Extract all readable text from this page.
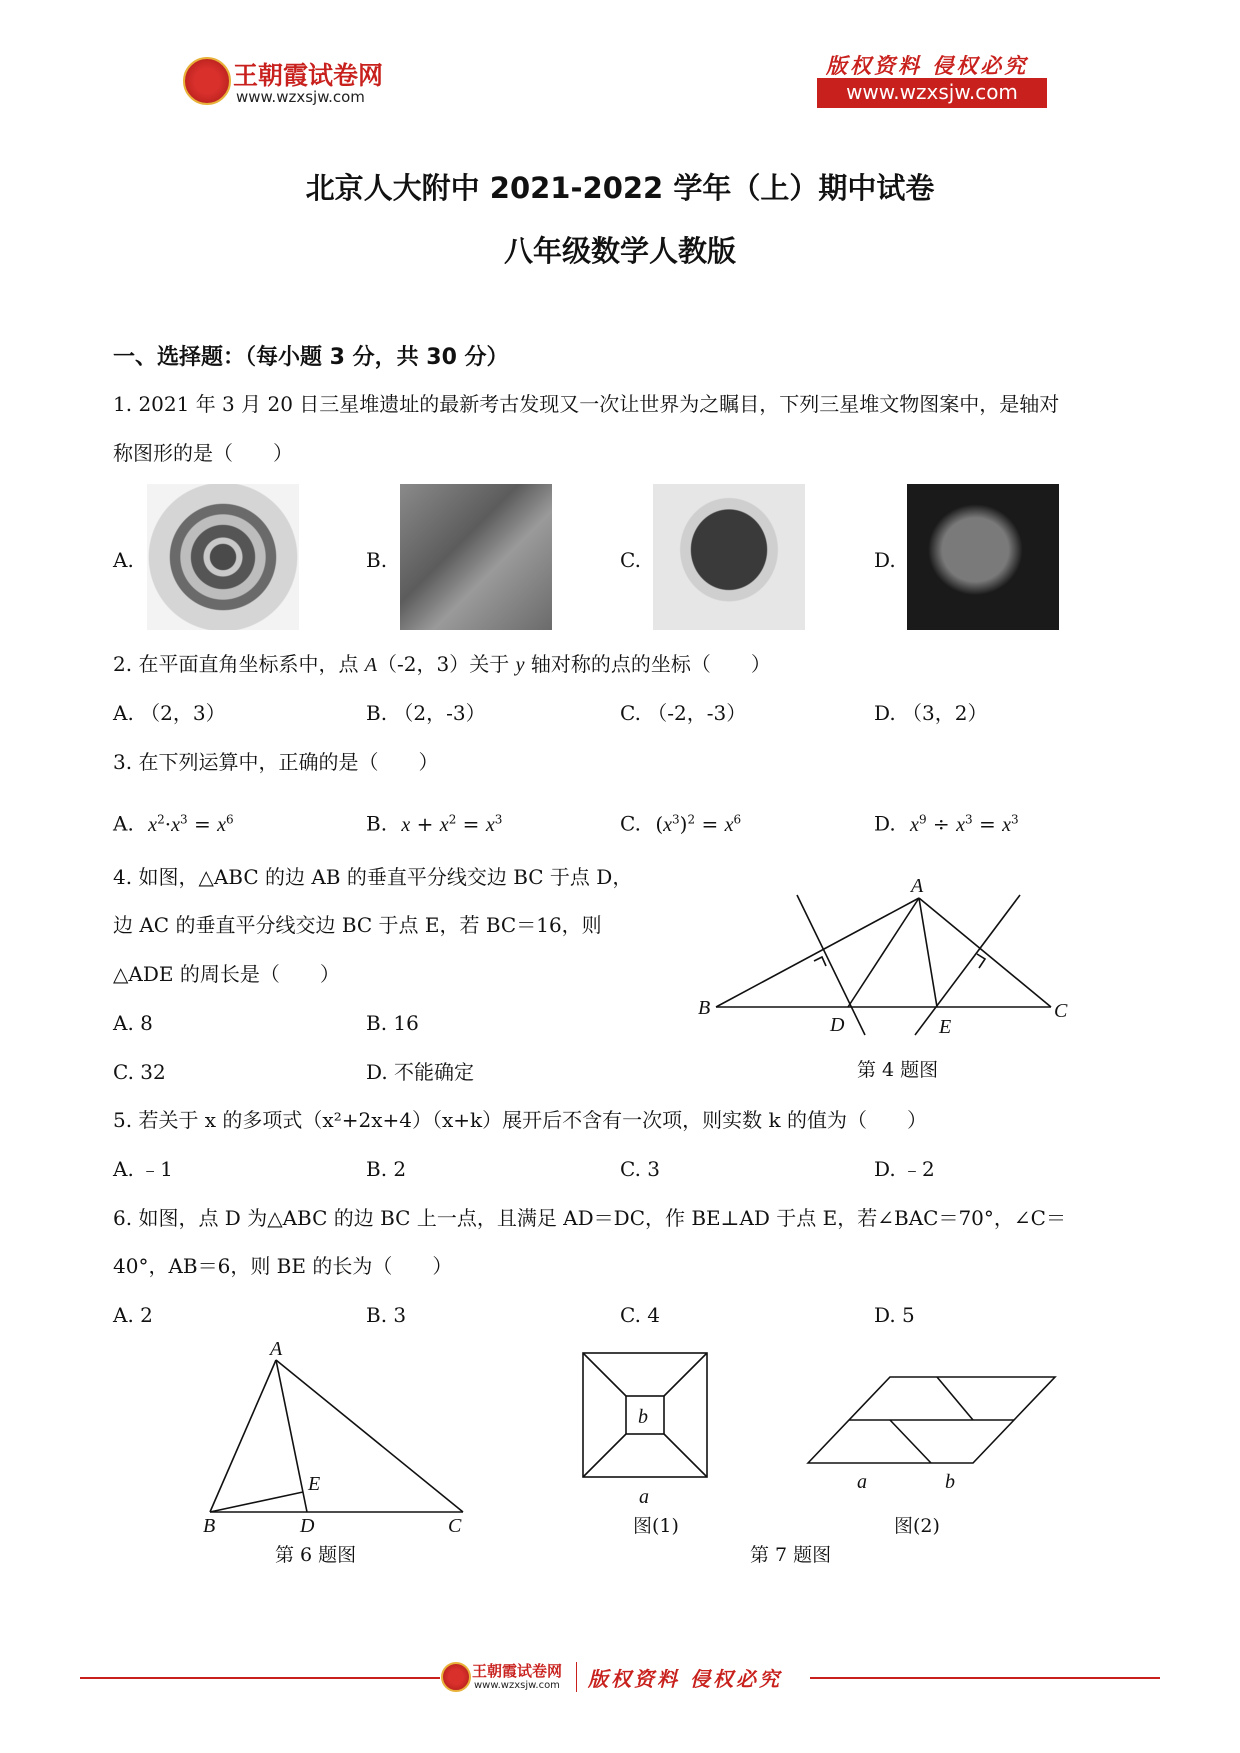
王朝霞试卷网
www.wzxsjw.com
版权资料 侵权必究
www.wzxsjw.com
北京人大附中 2021-2022 学年（上）期中试卷
八年级数学人教版
一、选择题：（每小题 3 分，共 30 分）
1. 2021 年 3 月 20 日三星堆遗址的最新考古发现又一次让世界为之瞩目，下列三星堆文物图案中，是轴对
称图形的是（　　）
A.	B.	C.	D.
2. 在平面直角坐标系中，点 A（-2，3）关于 y 轴对称的点的坐标（　　）
A. （2，3）	B. （2，-3）	C. （-2，-3）	D. （3，2）
3. 在下列运算中，正确的是（　　）
A. $x^2\cdot x^3 = x^6$	B. $x + x^2 = x^3$	C. $(x^3)^2 = x^6$	D. $x^9 \div x^3 = x^3$
4. 如图，△ABC 的边 AB 的垂直平分线交边 BC 于点 D，
边 AC 的垂直平分线交边 BC 于点 E，若 BC＝16，则
△ADE 的周长是（　　）
A. 8	B. 16
C. 32	D. 不能确定
A
B	C
D	E
第 4 题图
5. 若关于 x 的多项式（x²+2x+4）（x+k）展开后不含有一次项，则实数 k 的值为（　　）
A. ﹣1	B. 2	C. 3	D. ﹣2
6. 如图，点 D 为△ABC 的边 BC 上一点，且满足 AD＝DC，作 BE⊥AD 于点 E，若∠BAC＝70°，∠C＝
40°，AB＝6，则 BE 的长为（　　）
A. 2	B. 3	C. 4	D. 5
A
E
B	D	C
第 6 题图
b
a
图(1)
a	b
图(2)
第 7 题图
王朝霞试卷网
www.wzxsjw.com 版权资料 侵权必究
